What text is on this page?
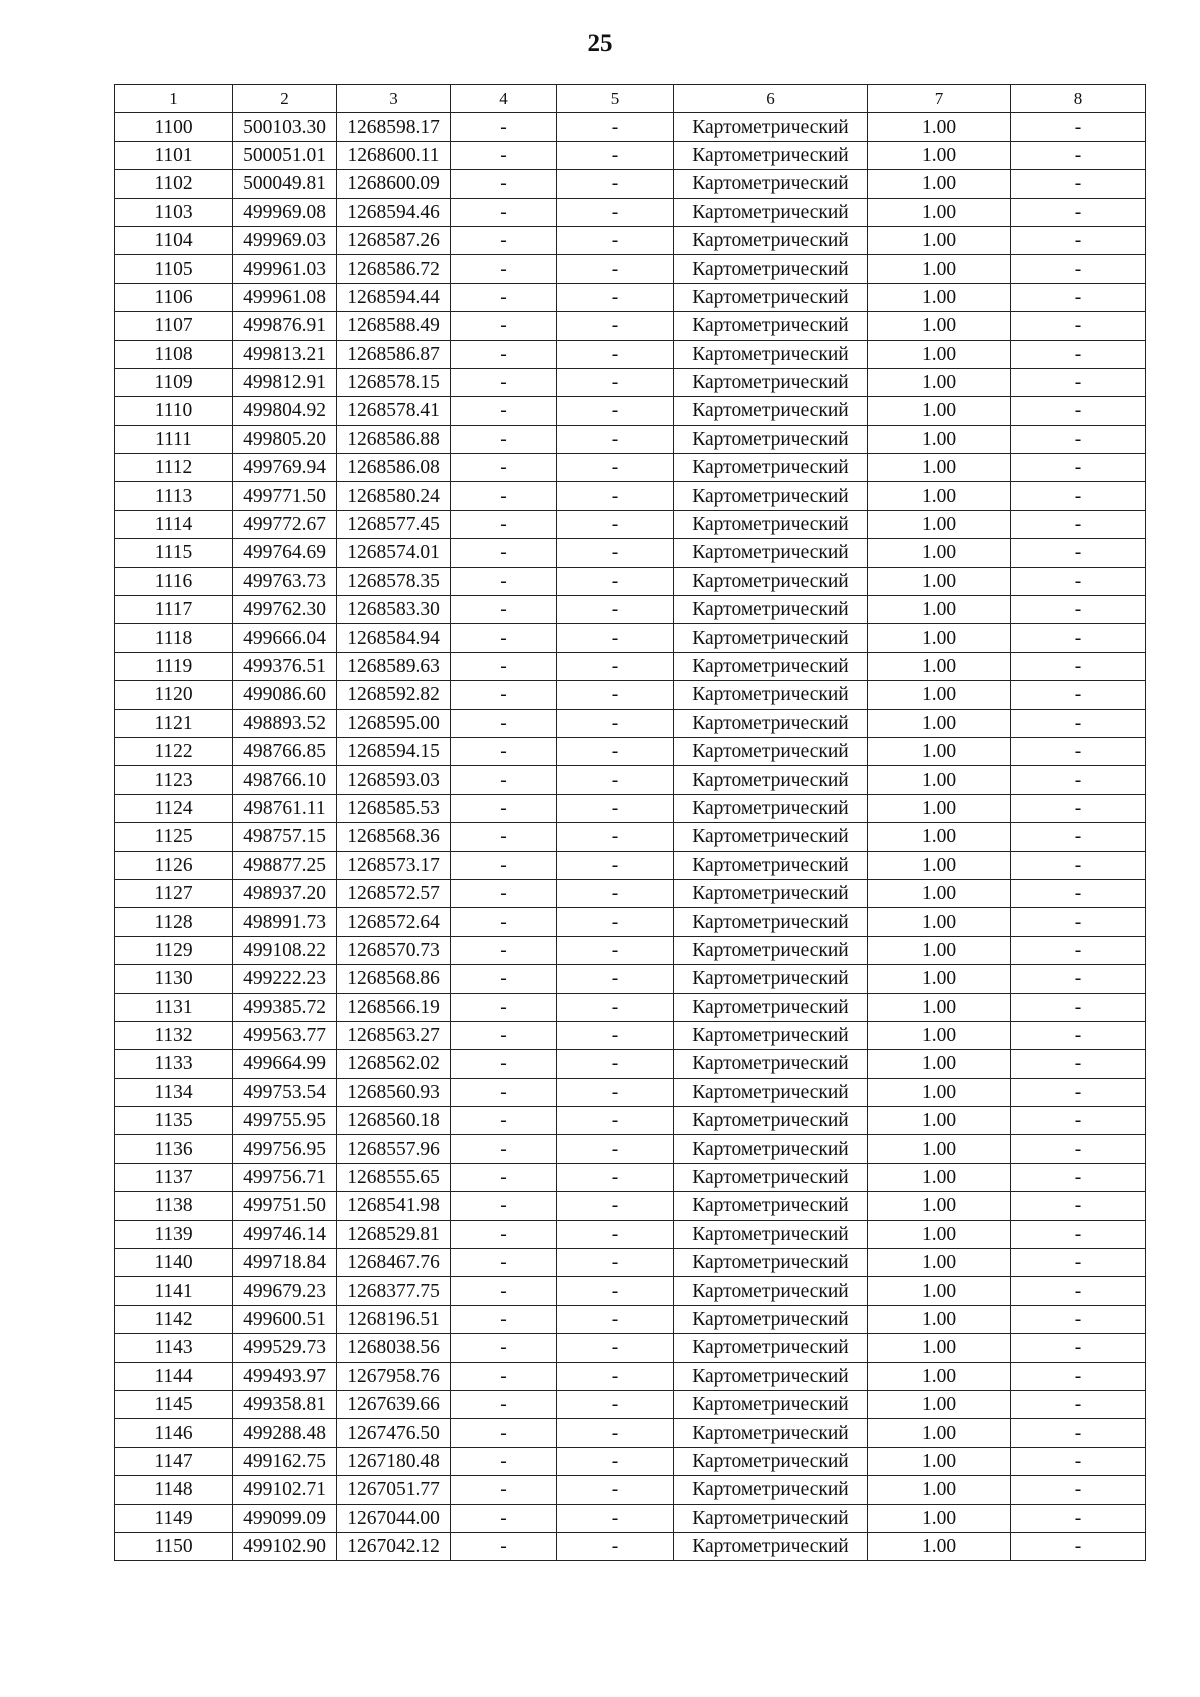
25
1	2	3	4	5	6	7	8
1100	500103.30	1268598.17	-	-	Картометрический	1.00	-
1101	500051.01	1268600.11	-	-	Картометрический	1.00	-
1102	500049.81	1268600.09	-	-	Картометрический	1.00	-
1103	499969.08	1268594.46	-	-	Картометрический	1.00	-
1104	499969.03	1268587.26	-	-	Картометрический	1.00	-
1105	499961.03	1268586.72	-	-	Картометрический	1.00	-
1106	499961.08	1268594.44	-	-	Картометрический	1.00	-
1107	499876.91	1268588.49	-	-	Картометрический	1.00	-
1108	499813.21	1268586.87	-	-	Картометрический	1.00	-
1109	499812.91	1268578.15	-	-	Картометрический	1.00	-
1110	499804.92	1268578.41	-	-	Картометрический	1.00	-
1111	499805.20	1268586.88	-	-	Картометрический	1.00	-
1112	499769.94	1268586.08	-	-	Картометрический	1.00	-
1113	499771.50	1268580.24	-	-	Картометрический	1.00	-
1114	499772.67	1268577.45	-	-	Картометрический	1.00	-
1115	499764.69	1268574.01	-	-	Картометрический	1.00	-
1116	499763.73	1268578.35	-	-	Картометрический	1.00	-
1117	499762.30	1268583.30	-	-	Картометрический	1.00	-
1118	499666.04	1268584.94	-	-	Картометрический	1.00	-
1119	499376.51	1268589.63	-	-	Картометрический	1.00	-
1120	499086.60	1268592.82	-	-	Картометрический	1.00	-
1121	498893.52	1268595.00	-	-	Картометрический	1.00	-
1122	498766.85	1268594.15	-	-	Картометрический	1.00	-
1123	498766.10	1268593.03	-	-	Картометрический	1.00	-
1124	498761.11	1268585.53	-	-	Картометрический	1.00	-
1125	498757.15	1268568.36	-	-	Картометрический	1.00	-
1126	498877.25	1268573.17	-	-	Картометрический	1.00	-
1127	498937.20	1268572.57	-	-	Картометрический	1.00	-
1128	498991.73	1268572.64	-	-	Картометрический	1.00	-
1129	499108.22	1268570.73	-	-	Картометрический	1.00	-
1130	499222.23	1268568.86	-	-	Картометрический	1.00	-
1131	499385.72	1268566.19	-	-	Картометрический	1.00	-
1132	499563.77	1268563.27	-	-	Картометрический	1.00	-
1133	499664.99	1268562.02	-	-	Картометрический	1.00	-
1134	499753.54	1268560.93	-	-	Картометрический	1.00	-
1135	499755.95	1268560.18	-	-	Картометрический	1.00	-
1136	499756.95	1268557.96	-	-	Картометрический	1.00	-
1137	499756.71	1268555.65	-	-	Картометрический	1.00	-
1138	499751.50	1268541.98	-	-	Картометрический	1.00	-
1139	499746.14	1268529.81	-	-	Картометрический	1.00	-
1140	499718.84	1268467.76	-	-	Картометрический	1.00	-
1141	499679.23	1268377.75	-	-	Картометрический	1.00	-
1142	499600.51	1268196.51	-	-	Картометрический	1.00	-
1143	499529.73	1268038.56	-	-	Картометрический	1.00	-
1144	499493.97	1267958.76	-	-	Картометрический	1.00	-
1145	499358.81	1267639.66	-	-	Картометрический	1.00	-
1146	499288.48	1267476.50	-	-	Картометрический	1.00	-
1147	499162.75	1267180.48	-	-	Картометрический	1.00	-
1148	499102.71	1267051.77	-	-	Картометрический	1.00	-
1149	499099.09	1267044.00	-	-	Картометрический	1.00	-
1150	499102.90	1267042.12	-	-	Картометрический	1.00	-
